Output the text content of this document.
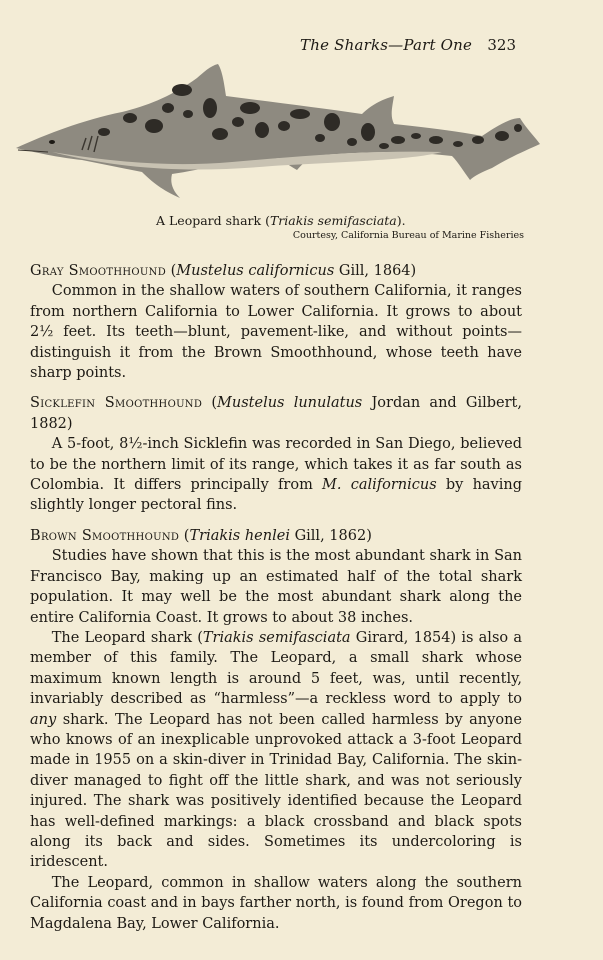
The Sharks—Part One 323
A Leopard shark (Triakis semifasciata).
Courtesy, California Bureau of Marine Fisheries

Gray Smoothhound (Mustelus californicus Gill, 1864)

Common in the shallow waters of southern California, it ranges from northern California to Lower California. It grows to about 2½ feet. Its teeth—blunt, pavement-like, and without points—distinguish it from the Brown Smoothhound, whose teeth have sharp points.

Sicklefin Smoothhound (Mustelus lunulatus Jordan and Gilbert, 1882)

A 5-foot, 8½-inch Sicklefin was recorded in San Diego, believed to be the northern limit of its range, which takes it as far south as Colombia. It differs principally from M. californicus by having slightly longer pectoral fins.

Brown Smoothhound (Triakis henlei Gill, 1862)

Studies have shown that this is the most abundant shark in San Francisco Bay, making up an estimated half of the total shark population. It may well be the most abundant shark along the entire California Coast. It grows to about 38 inches.

The Leopard shark (Triakis semifasciata Girard, 1854) is also a member of this family. The Leopard, a small shark whose maximum known length is around 5 feet, was, until recently, invariably described as “harmless”—a reckless word to apply to any shark. The Leopard has not been called harmless by anyone who knows of an inexplicable unprovoked attack a 3-foot Leopard made in 1955 on a skin-diver in Trinidad Bay, California. The skin-diver managed to fight off the little shark, and was not seriously injured. The shark was positively identified because the Leopard has well-defined markings: a black crossband and black spots along its back and sides. Sometimes its undercoloring is iridescent.

The Leopard, common in shallow waters along the southern California coast and in bays farther north, is found from Oregon to Magdalena Bay, Lower California.
